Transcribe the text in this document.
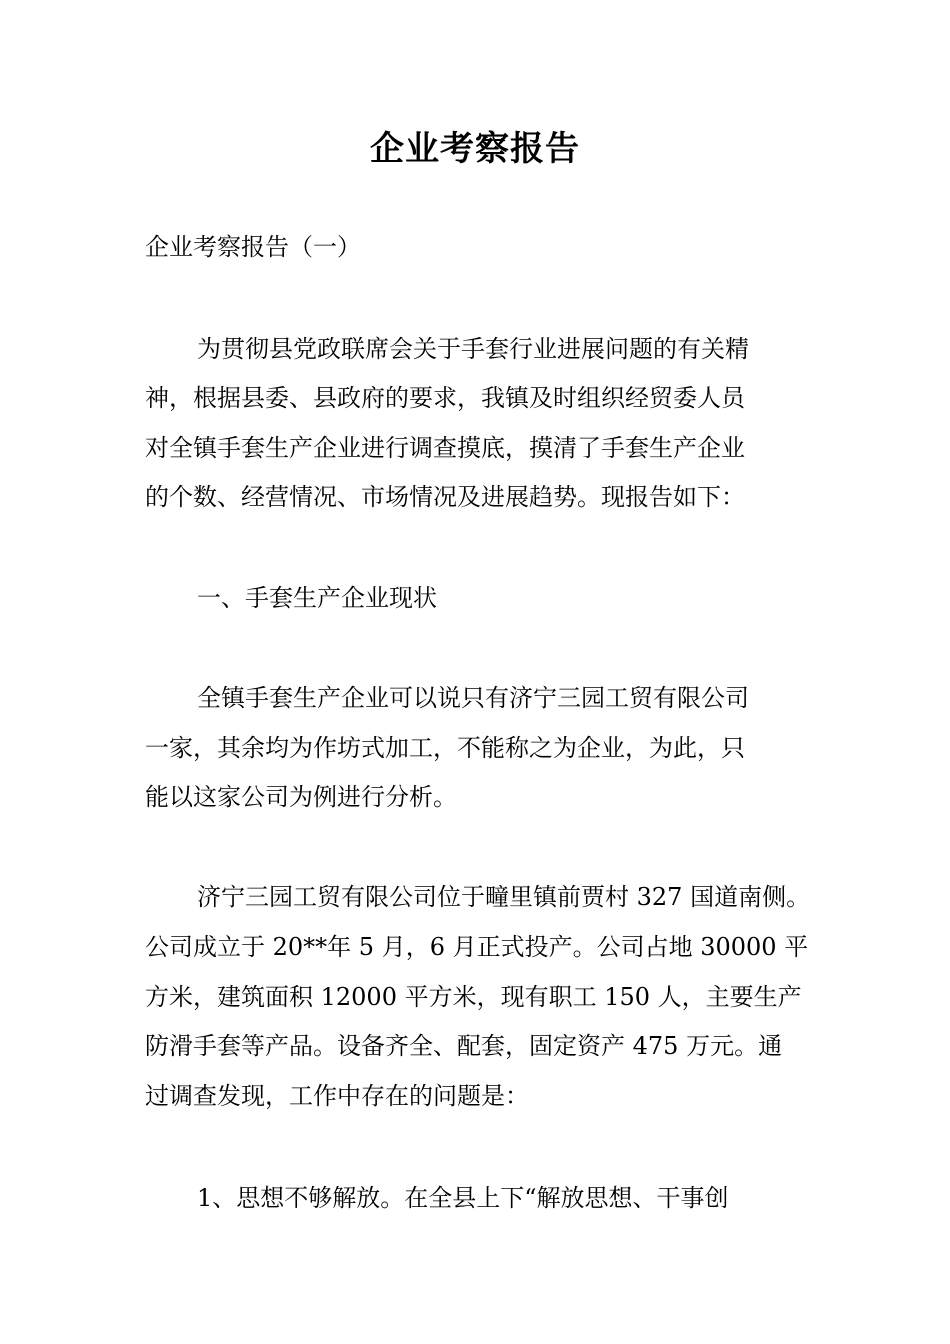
企业考察报告

企业考察报告（一）

为贯彻县党政联席会关于手套行业进展问题的有关精

神，根据县委、县政府的要求，我镇及时组织经贸委人员

对全镇手套生产企业进行调查摸底，摸清了手套生产企业

的个数、经营情况、市场情况及进展趋势。现报告如下：

一、手套生产企业现状

全镇手套生产企业可以说只有济宁三园工贸有限公司

一家，其余均为作坊式加工，不能称之为企业，为此，只

能以这家公司为例进行分析。

济宁三园工贸有限公司位于疃里镇前贾村 327 国道南侧。

公司成立于 20**年 5 月，6 月正式投产。公司占地 30000 平

方米，建筑面积 12000 平方米，现有职工 150 人，主要生产

防滑手套等产品。设备齐全、配套，固定资产 475 万元。通

过调查发现，工作中存在的问题是：

1、思想不够解放。在全县上下“解放思想、干事创
